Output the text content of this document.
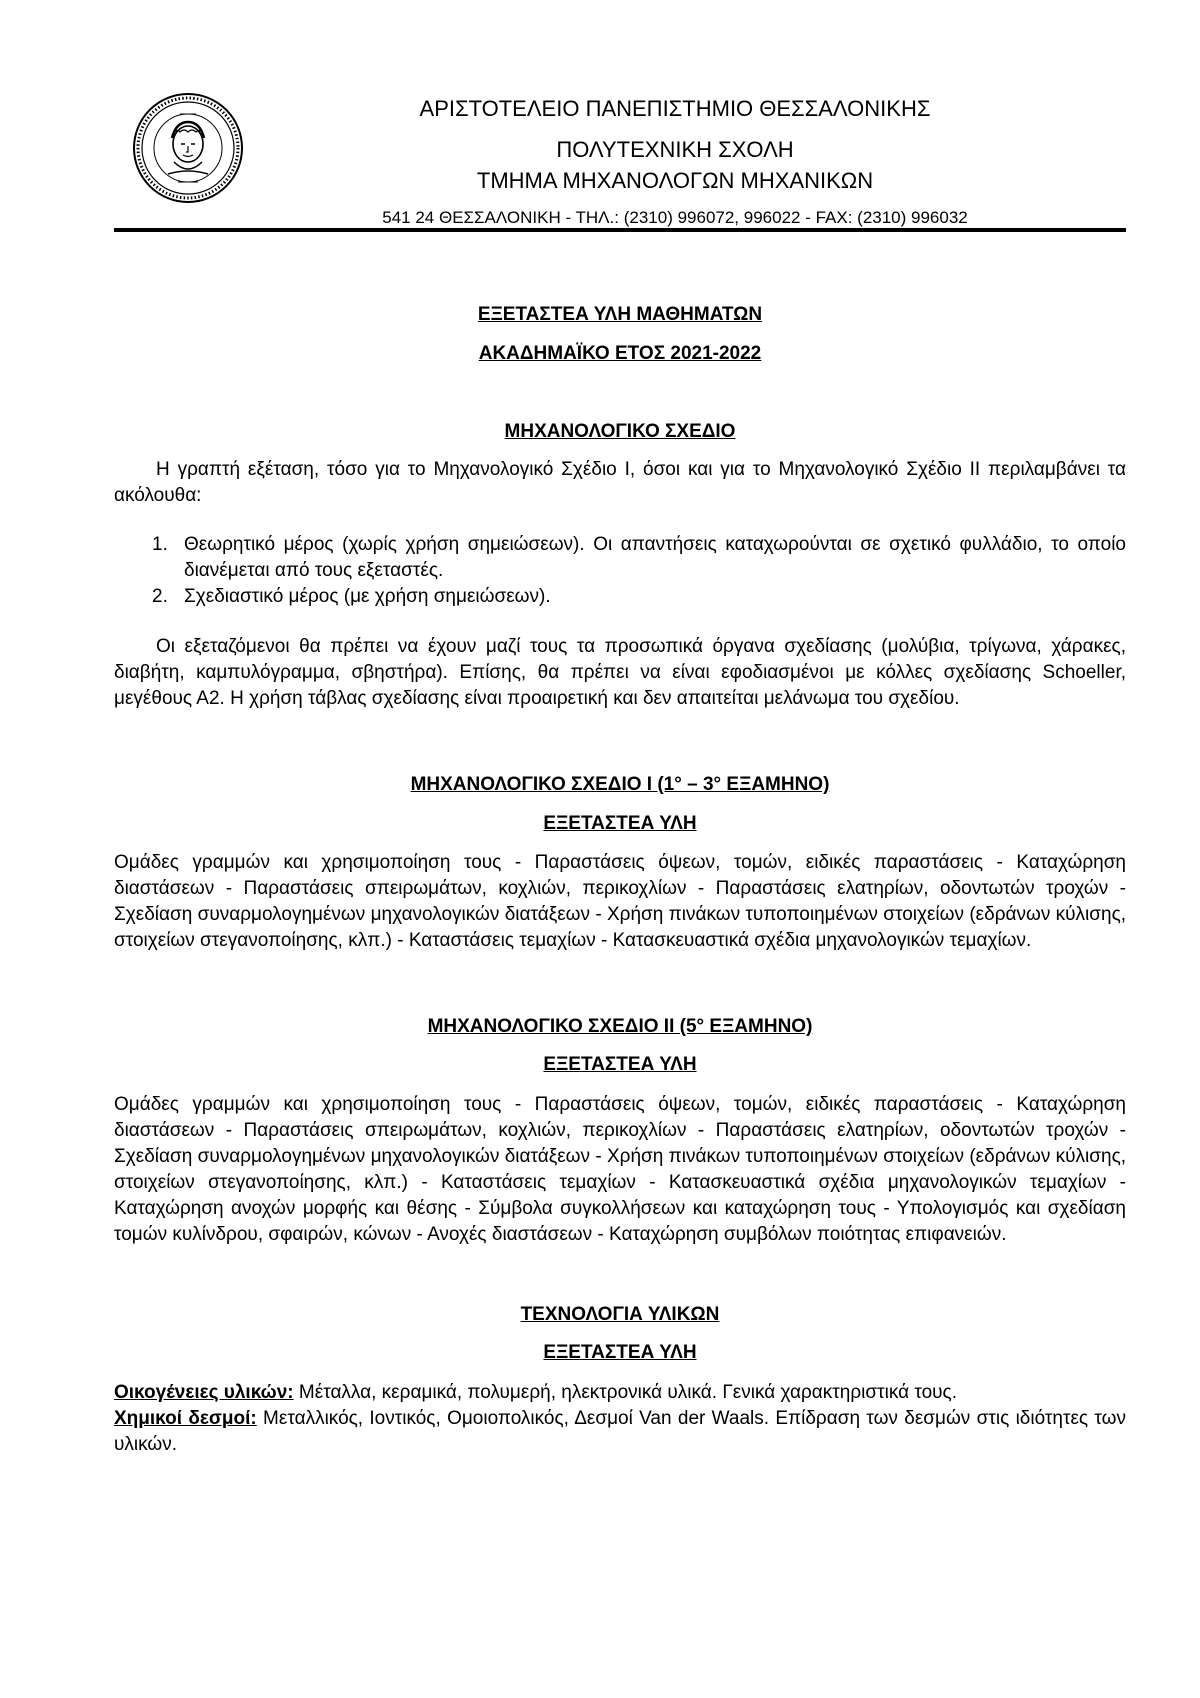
ΑΡΙΣΤΟΤΕΛΕΙΟ ΠΑΝΕΠΙΣΤΗΜΙΟ ΘΕΣΣΑΛΟΝΙΚΗΣ
ΠΟΛΥΤΕΧΝΙΚΗ ΣΧΟΛΗ
ΤΜΗΜΑ ΜΗΧΑΝΟΛΟΓΩΝ ΜΗΧΑΝΙΚΩΝ
541 24 ΘΕΣΣΑΛΟΝΙΚΗ - ΤΗΛ.: (2310) 996072, 996022 - FAX: (2310) 996032
ΕΞΕΤΑΣΤΕΑ ΥΛΗ ΜΑΘΗΜΑΤΩΝ
ΑΚΑΔΗΜΑΪΚΟ ΕΤΟΣ 2021-2022
ΜΗΧΑΝΟΛΟΓΙΚΟ ΣΧΕΔΙΟ

Η γραπτή εξέταση, τόσο για το Μηχανολογικό Σχέδιο Ι, όσοι και για το Μηχανολογικό Σχέδιο ΙΙ περιλαμβάνει τα ακόλουθα:

1. Θεωρητικό μέρος (χωρίς χρήση σημειώσεων). Οι απαντήσεις καταχωρούνται σε σχετικό φυλλάδιο, το οποίο διανέμεται από τους εξεταστές.
2. Σχεδιαστικό μέρος (με χρήση σημειώσεων).

Οι εξεταζόμενοι θα πρέπει να έχουν μαζί τους τα προσωπικά όργανα σχεδίασης (μολύβια, τρίγωνα, χάρακες, διαβήτη, καμπυλόγραμμα, σβηστήρα). Επίσης, θα πρέπει να είναι εφοδιασμένοι με κόλλες σχεδίασης Schoeller, μεγέθους Α2. Η χρήση τάβλας σχεδίασης είναι προαιρετική και δεν απαιτείται μελάνωμα του σχεδίου.

ΜΗΧΑΝΟΛΟΓΙΚΟ ΣΧΕΔΙΟ Ι (1° – 3° ΕΞΑΜΗΝΟ)
ΕΞΕΤΑΣΤΕΑ ΥΛΗ

Ομάδες γραμμών και χρησιμοποίηση τους - Παραστάσεις όψεων, τομών, ειδικές παραστάσεις - Καταχώρηση διαστάσεων - Παραστάσεις σπειρωμάτων, κοχλιών, περικοχλίων - Παραστάσεις ελατηρίων, οδοντωτών τροχών - Σχεδίαση συναρμολογημένων μηχανολογικών διατάξεων - Χρήση πινάκων τυποποιημένων στοιχείων (εδράνων κύλισης, στοιχείων στεγανοποίησης, κλπ.) - Καταστάσεις τεμαχίων - Κατασκευαστικά σχέδια μηχανολογικών τεμαχίων.

ΜΗΧΑΝΟΛΟΓΙΚΟ ΣΧΕΔΙΟ ΙΙ (5° ΕΞΑΜΗΝΟ)
ΕΞΕΤΑΣΤΕΑ ΥΛΗ

Ομάδες γραμμών και χρησιμοποίηση τους - Παραστάσεις όψεων, τομών, ειδικές παραστάσεις - Καταχώρηση διαστάσεων - Παραστάσεις σπειρωμάτων, κοχλιών, περικοχλίων - Παραστάσεις ελατηρίων, οδοντωτών τροχών - Σχεδίαση συναρμολογημένων μηχανολογικών διατάξεων - Χρήση πινάκων τυποποιημένων στοιχείων (εδράνων κύλισης, στοιχείων στεγανοποίησης, κλπ.) - Καταστάσεις τεμαχίων - Κατασκευαστικά σχέδια μηχανολογικών τεμαχίων - Καταχώρηση ανοχών μορφής και θέσης - Σύμβολα συγκολλήσεων και καταχώρηση τους - Υπολογισμός και σχεδίαση τομών κυλίνδρου, σφαιρών, κώνων - Ανοχές διαστάσεων - Καταχώρηση συμβόλων ποιότητας επιφανειών.

ΤΕΧΝΟΛΟΓΙΑ ΥΛΙΚΩΝ
ΕΞΕΤΑΣΤΕΑ ΥΛΗ

Οικογένειες υλικών: Μέταλλα, κεραμικά, πολυμερή, ηλεκτρονικά υλικά. Γενικά χαρακτηριστικά τους.

Χημικοί δεσμοί: Μεταλλικός, Ιοντικός, Ομοιοπολικός, Δεσμοί Van der Waals. Επίδραση των δεσμών στις ιδιότητες των υλικών.
